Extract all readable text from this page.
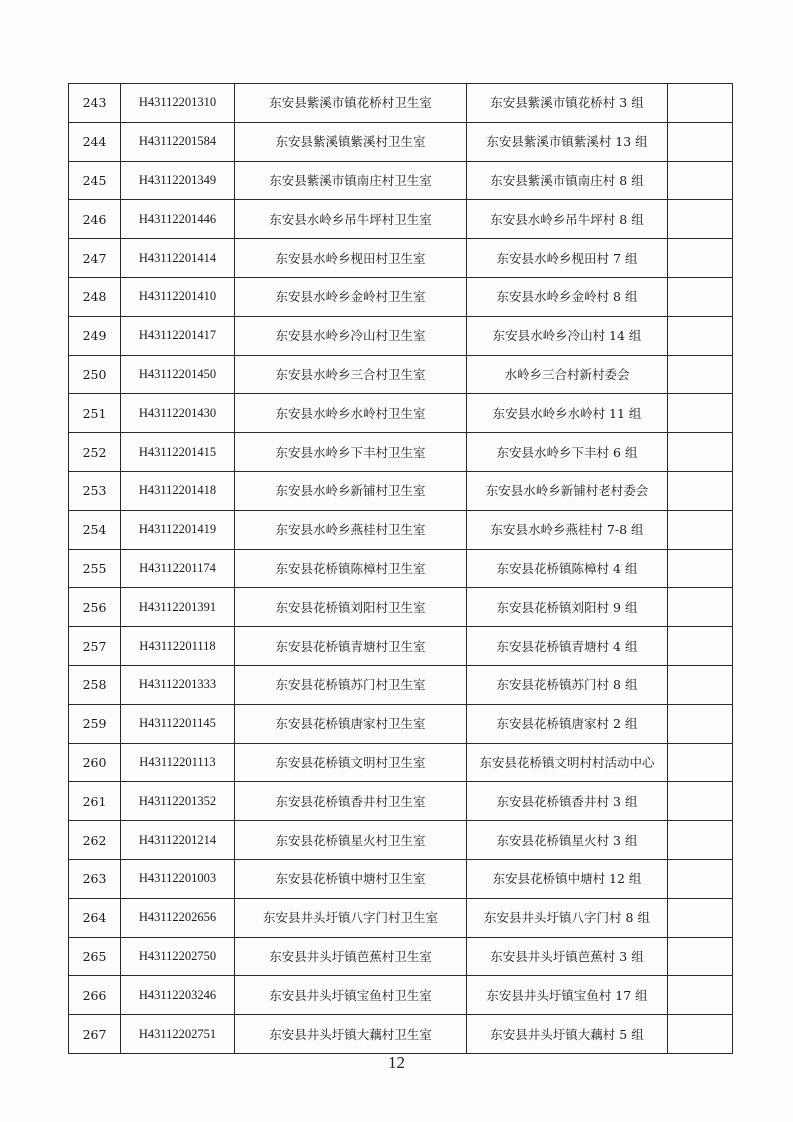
243	H43112201310	东安县紫溪市镇花桥村卫生室	东安县紫溪市镇花桥村 3 组	
244	H43112201584	东安县紫溪镇紫溪村卫生室	东安县紫溪市镇紫溪村 13 组	
245	H43112201349	东安县紫溪市镇南庄村卫生室	东安县紫溪市镇南庄村 8 组	
246	H43112201446	东安县水岭乡吊牛坪村卫生室	东安县水岭乡吊牛坪村 8 组	
247	H43112201414	东安县水岭乡枧田村卫生室	东安县水岭乡枧田村 7 组	
248	H43112201410	东安县水岭乡金岭村卫生室	东安县水岭乡金岭村 8 组	
249	H43112201417	东安县水岭乡冷山村卫生室	东安县水岭乡冷山村 14 组	
250	H43112201450	东安县水岭乡三合村卫生室	水岭乡三合村新村委会	
251	H43112201430	东安县水岭乡水岭村卫生室	东安县水岭乡水岭村 11 组	
252	H43112201415	东安县水岭乡下丰村卫生室	东安县水岭乡下丰村 6 组	
253	H43112201418	东安县水岭乡新铺村卫生室	东安县水岭乡新铺村老村委会	
254	H43112201419	东安县水岭乡燕桂村卫生室	东安县水岭乡燕桂村 7-8 组	
255	H43112201174	东安县花桥镇陈樟村卫生室	东安县花桥镇陈樟村 4 组	
256	H43112201391	东安县花桥镇刘阳村卫生室	东安县花桥镇刘阳村 9 组	
257	H43112201118	东安县花桥镇青塘村卫生室	东安县花桥镇青塘村 4 组	
258	H43112201333	东安县花桥镇苏门村卫生室	东安县花桥镇苏门村 8 组	
259	H43112201145	东安县花桥镇唐家村卫生室	东安县花桥镇唐家村 2 组	
260	H43112201113	东安县花桥镇文明村卫生室	东安县花桥镇文明村村活动中心	
261	H43112201352	东安县花桥镇香井村卫生室	东安县花桥镇香井村 3 组	
262	H43112201214	东安县花桥镇星火村卫生室	东安县花桥镇星火村 3 组	
263	H43112201003	东安县花桥镇中塘村卫生室	东安县花桥镇中塘村 12 组	
264	H43112202656	东安县井头圩镇八字门村卫生室	东安县井头圩镇八字门村 8 组	
265	H43112202750	东安县井头圩镇芭蕉村卫生室	东安县井头圩镇芭蕉村 3 组	
266	H43112203246	东安县井头圩镇宝鱼村卫生室	东安县井头圩镇宝鱼村 17 组	
267	H43112202751	东安县井头圩镇大藕村卫生室	东安县井头圩镇大藕村 5 组	
12
